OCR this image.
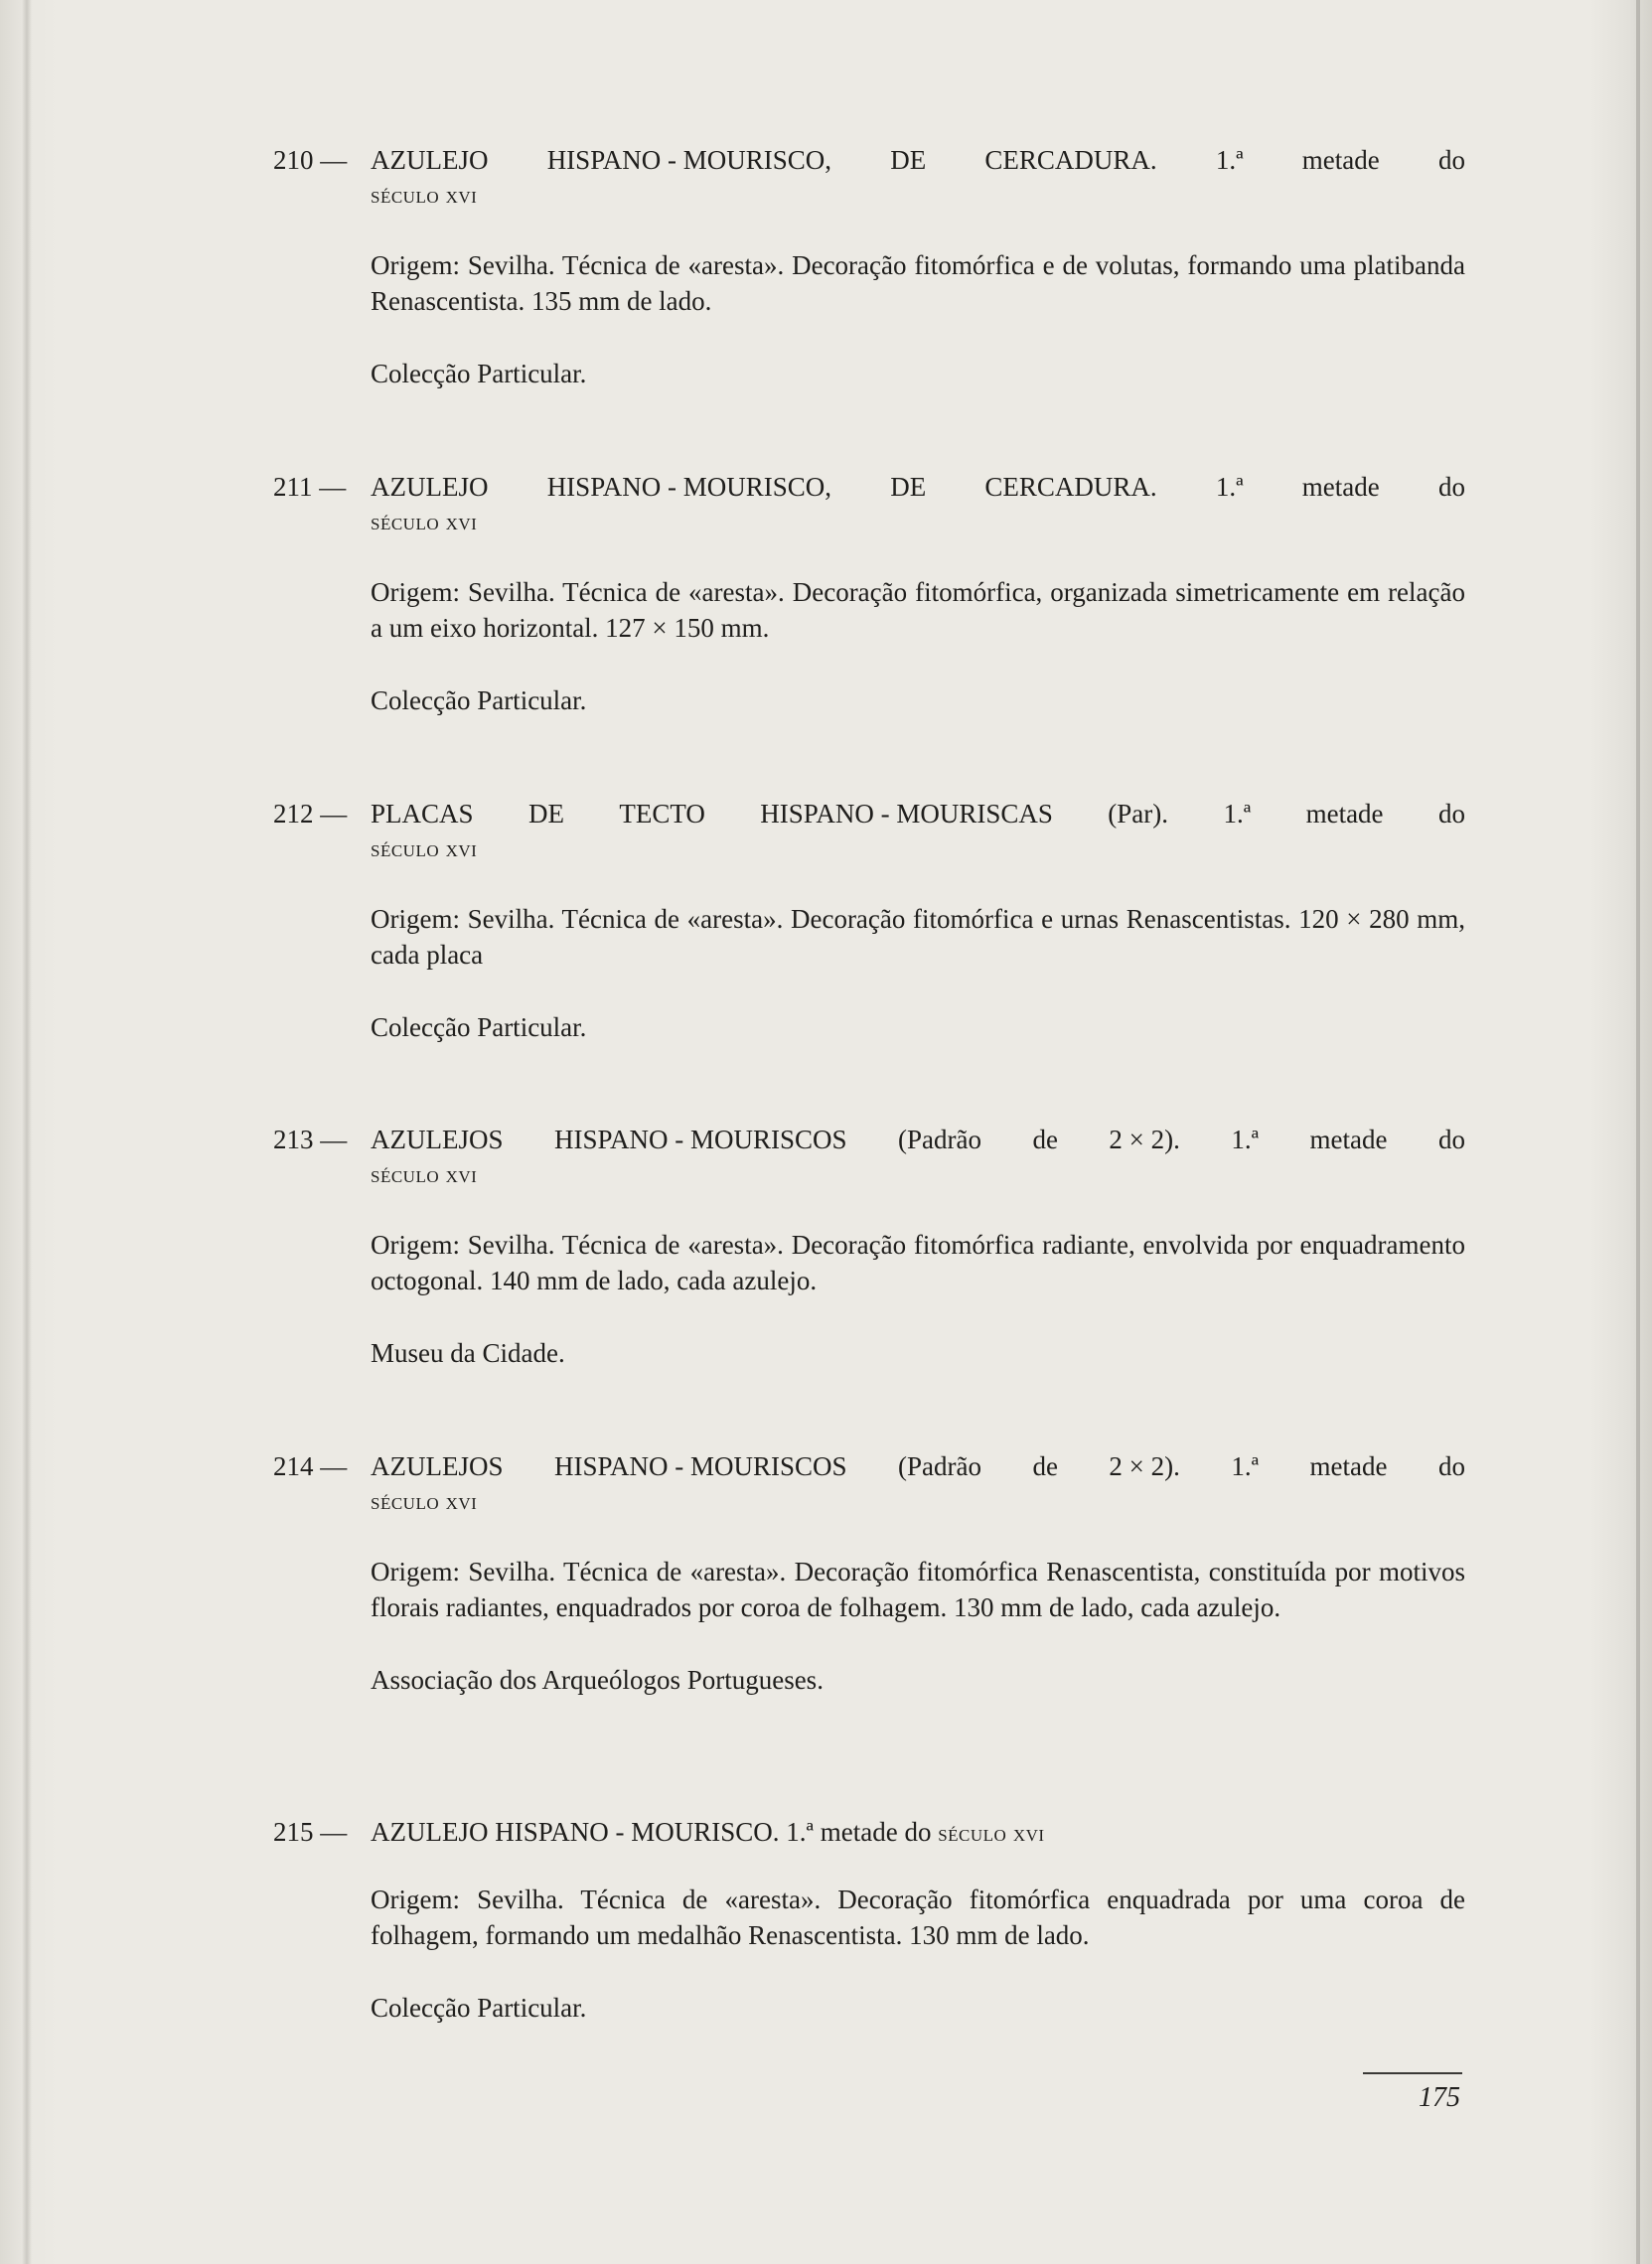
210 — AZULEJO HISPANO - MOURISCO, DE CERCADURA. 1.ª metade do
século xvi
Origem: Sevilha. Técnica de «aresta». Decoração fitomórfica e de volutas, formando uma platibanda Renascentista. 135 mm de lado.
Colecção Particular.
211 — AZULEJO HISPANO - MOURISCO, DE CERCADURA. 1.ª metade do
século xvi
Origem: Sevilha. Técnica de «aresta». Decoração fitomórfica, organizada simetricamente em relação a um eixo horizontal. 127 × 150 mm.
Colecção Particular.
212 — PLACAS DE TECTO HISPANO - MOURISCAS (Par). 1.ª metade do
século xvi
Origem: Sevilha. Técnica de «aresta». Decoração fitomórfica e urnas Renascentistas. 120 × 280 mm, cada placa
Colecção Particular.
213 — AZULEJOS HISPANO - MOURISCOS (Padrão de 2 × 2). 1.ª metade do
século xvi
Origem: Sevilha. Técnica de «aresta». Decoração fitomórfica radiante, envolvida por enquadramento octogonal. 140 mm de lado, cada azulejo.
Museu da Cidade.
214 — AZULEJOS HISPANO - MOURISCOS (Padrão de 2 × 2). 1.ª metade do
século xvi
Origem: Sevilha. Técnica de «aresta». Decoração fitomórfica Renascentista, constituída por motivos florais radiantes, enquadrados por coroa de folhagem. 130 mm de lado, cada azulejo.
Associação dos Arqueólogos Portugueses.
215 — AZULEJO HISPANO - MOURISCO. 1.ª metade do século xvi
Origem: Sevilha. Técnica de «aresta». Decoração fitomórfica enquadrada por uma coroa de folhagem, formando um medalhão Renascentista. 130 mm de lado.
Colecção Particular.
175
